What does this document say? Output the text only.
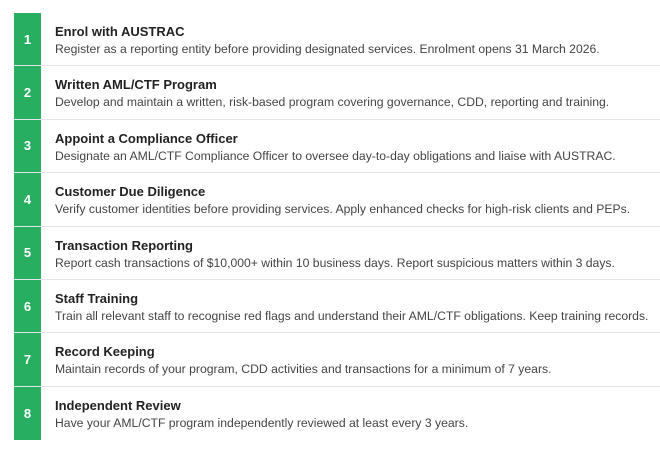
1
Enrol with AUSTRAC
Register as a reporting entity before providing designated services. Enrolment opens 31 March 2026.
2
Written AML/CTF Program
Develop and maintain a written, risk-based program covering governance, CDD, reporting and training.
3
Appoint a Compliance Officer
Designate an AML/CTF Compliance Officer to oversee day-to-day obligations and liaise with AUSTRAC.
4
Customer Due Diligence
Verify customer identities before providing services. Apply enhanced checks for high-risk clients and PEPs.
5
Transaction Reporting
Report cash transactions of $10,000+ within 10 business days. Report suspicious matters within 3 days.
6
Staff Training
Train all relevant staff to recognise red flags and understand their AML/CTF obligations. Keep training records.
7
Record Keeping
Maintain records of your program, CDD activities and transactions for a minimum of 7 years.
8
Independent Review
Have your AML/CTF program independently reviewed at least every 3 years.
